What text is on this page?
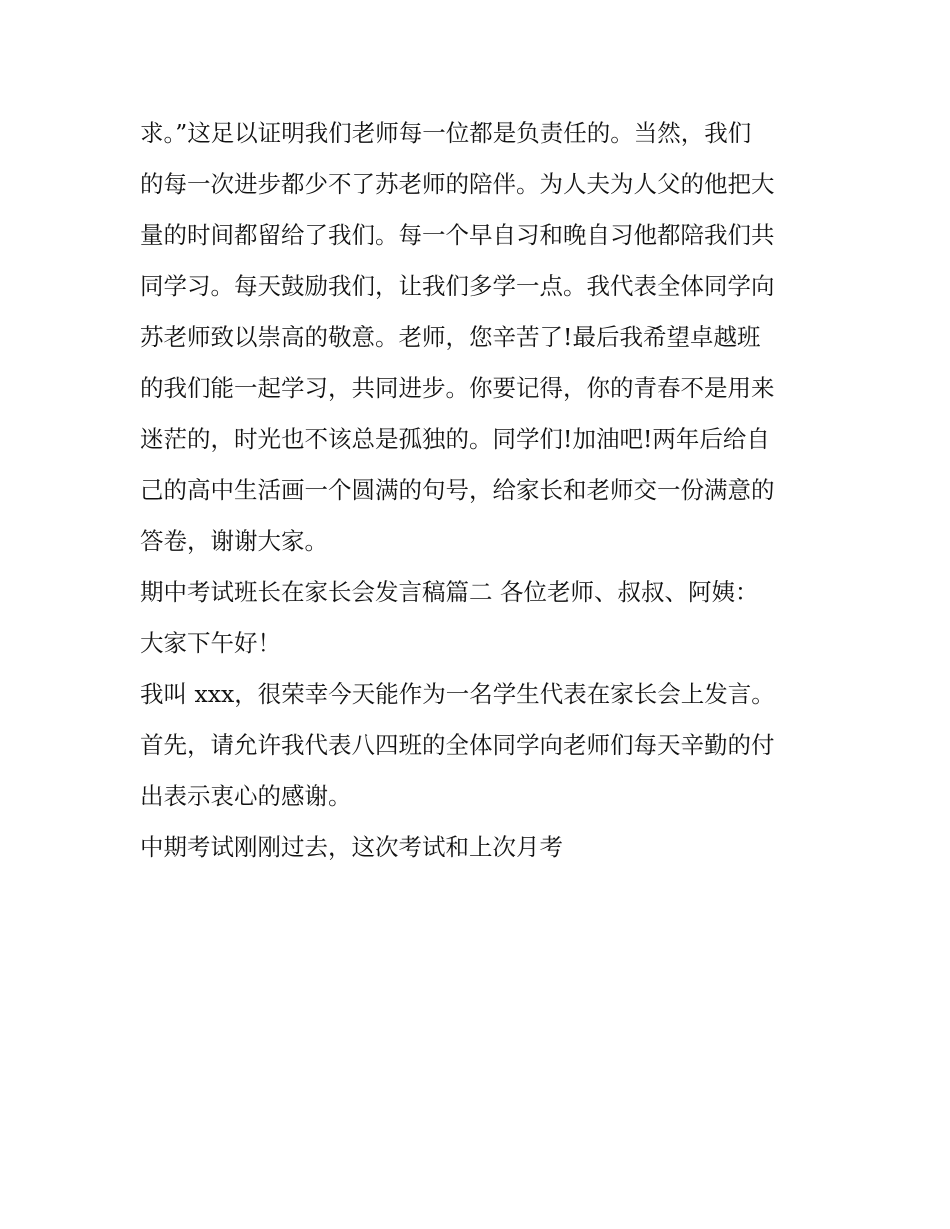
求。”这足以证明我们老师每一位都是负责任的。当然，我们
的每一次进步都少不了苏老师的陪伴。为人夫为人父的他把大
量的时间都留给了我们。每一个早自习和晚自习他都陪我们共
同学习。每天鼓励我们，让我们多学一点。我代表全体同学向
苏老师致以崇高的敬意。老师，您辛苦了!最后我希望卓越班
的我们能一起学习，共同进步。你要记得，你的青春不是用来
迷茫的，时光也不该总是孤独的。同学们!加油吧!两年后给自
己的高中生活画一个圆满的句号，给家长和老师交一份满意的
答卷，谢谢大家。
期中考试班长在家长会发言稿篇二 各位老师、叔叔、阿姨：
大家下午好！
我叫 xxx，很荣幸今天能作为一名学生代表在家长会上发言。
首先，请允许我代表八四班的全体同学向老师们每天辛勤的付
出表示衷心的感谢。
中期考试刚刚过去，这次考试和上次月考
